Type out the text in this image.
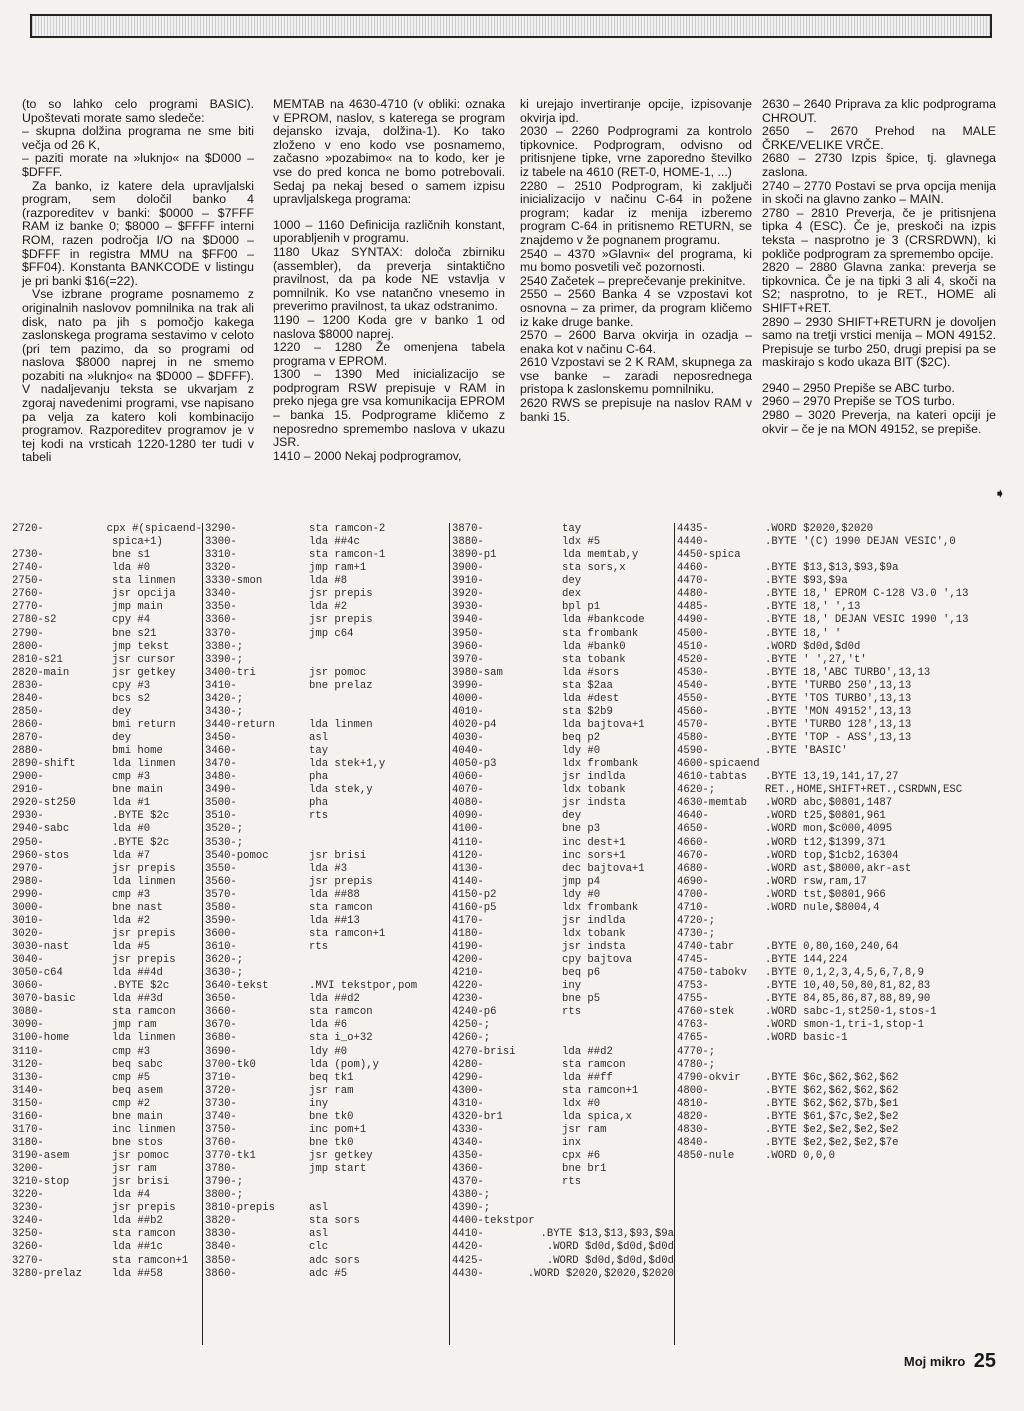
(to so lahko celo programi BASIC). Upoštevati morate samo sledeče:

– skupna dolžina programa ne sme biti večja od 26 K,

– paziti morate na »luknjo« na $D000 – $DFFF.

Za banko, iz katere dela upravljalski program, sem določil banko 4 (razporeditev v banki: $0000 – $7FFF RAM iz banke 0; $8000 – $FFFF interni ROM, razen področja I/O na $D000 – $DFFF in registra MMU na $FF00 – $FF04). Konstanta BANKCODE v listingu je pri banki $16(=22).

Vse izbrane programe posnamemo z originalnih naslovov pomnilnika na trak ali disk, nato pa jih s pomočjo kakega zaslonskega programa sestavimo v celoto (pri tem pazimo, da so programi od naslova $8000 naprej in ne smemo pozabiti na »luknjo« na $D000 – $DFFF). V nadaljevanju teksta se ukvarjam z zgoraj navedenimi programi, vse napisano pa velja za katero koli kombinacijo programov. Razporeditev programov je v tej kodi na vrsticah 1220-1280 ter tudi v tabeli

MEMTAB na 4630-4710 (v obliki: oznaka v EPROM, naslov, s katerega se program dejansko izvaja, dolžina-1). Ko tako zloženo v eno kodo vse posnamemo, začasno »pozabimo« na to kodo, ker je vse do pred konca ne bomo potrebovali. Sedaj pa nekaj besed o samem izpisu upravljalskega programa:

1000 – 1160 Definicija različnih konstant, uporabljenih v programu.

1180 Ukaz SYNTAX: določa zbirniku (assembler), da preverja sintaktično pravilnost, da pa kode NE vstavlja v pomnilnik. Ko vse natančno vnesemo in preverimo pravilnost, ta ukaz odstranimo.

1190 – 1200 Koda gre v banko 1 od naslova $8000 naprej.

1220 – 1280 Že omenjena tabela programa v EPROM.

1300 – 1390 Med inicializacijo se podprogram RSW prepisuje v RAM in preko njega gre vsa komunikacija EPROM – banka 15. Podprograme kličemo z neposredno spremembo naslova v ukazu JSR.

1410 – 2000 Nekaj podprogramov,

ki urejajo invertiranje opcije, izpisovanje okvirja ipd.

2030 – 2260 Podprogrami za kontrolo tipkovnice. Podprogram, odvisno od pritisnjene tipke, vrne zaporedno številko iz tabele na 4610 (RET-0, HOME-1, ...)

2280 – 2510 Podprogram, ki zaključi inicializacijo v načinu C-64 in požene program; kadar iz menija izberemo program C-64 in pritisnemo RETURN, se znajdemo v že pognanem programu.

2540 – 4370 »Glavni« del programa, ki mu bomo posvetili več pozornosti.

2540 Začetek – preprečevanje prekinitve.

2550 – 2560 Banka 4 se vzpostavi kot osnovna – za primer, da program kličemo iz kake druge banke.

2570 – 2600 Barva okvirja in ozadja – enaka kot v načinu C-64.

2610 Vzpostavi se 2 K RAM, skupnega za vse banke – zaradi neposrednega pristopa k zaslonskemu pomnilniku.

2620 RWS se prepisuje na naslov RAM v banki 15.

2630 – 2640 Priprava za klic podprograma CHROUT.

2650 – 2670 Prehod na MALE ČRKE/VELIKE VRČE.

2680 – 2730 Izpis špice, tj. glavnega zaslona.

2740 – 2770 Postavi se prva opcija menija in skoči na glavno zanko – MAIN.

2780 – 2810 Preverja, če je pritisnjena tipka 4 (ESC). Če je, preskoči na izpis teksta – nasprotno je 3 (CRSRDWN), ki pokliče podprogram za spremembo opcije.

2820 – 2880 Glavna zanka: preverja se tipkovnica. Če je na tipki 3 ali 4, skoči na S2; nasprotno, to je RET., HOME ali SHIFT+RET.

2890 – 2930 SHIFT+RETURN je dovoljen samo na tretji vrstici menija – MON 49152. Prepisuje se turbo 250, drugi prepisi pa se maskirajo s kodo ukaza BIT ($2C).

2940 – 2950 Prepiše se ABC turbo.

2960 – 2970 Prepiše se TOS turbo.

2980 – 3020 Preverja, na kateri opciji je okvir – če je na MON 49152, se prepiše.

➧
2720-	cpx #(spicaend-
spica+1)
2730-	bne s1
2740-	lda #0
2750-	sta linmen
2760-	jsr opcija
2770-	jmp main
2780-s2	cpy #4
2790-	bne s21
2800-	jmp tekst
2810-s21	jsr cursor
2820-main	jsr getkey
2830-	cpy #3
2840-	bcs s2
2850-	dey
2860-	bmi return
2870-	dey
2880-	bmi home
2890-shift	lda linmen
2900-	cmp #3
2910-	bne main
2920-st250	lda #1
2930-	.BYTE $2c
2940-sabc	lda #0
2950-	.BYTE $2c
2960-stos	lda #7
2970-	jsr prepis
2980-	lda linmen
2990-	cmp #3
3000-	bne nast
3010-	lda #2
3020-	jsr prepis
3030-nast	lda #5
3040-	jsr prepis
3050-c64	lda ##4d
3060-	.BYTE $2c
3070-basic	lda ##3d
3080-	sta ramcon
3090-	jmp ram
3100-home	lda linmen
3110-	cmp #3
3120-	beq sabc
3130-	cmp #5
3140-	beq asem
3150-	cmp #2
3160-	bne main
3170-	inc linmen
3180-	bne stos
3190-asem	jsr pomoc
3200-	jsr ram
3210-stop	jsr brisi
3220-	lda #4
3230-	jsr prepis
3240-	lda ##b2
3250-	sta ramcon
3260-	lda ##1c
3270-	sta ramcon+1
3280-prelaz	lda ##58
3290-	sta ramcon-2
3300-	lda ##4c
3310-	sta ramcon-1
3320-	jmp ram+1
3330-smon	lda #8
3340-	jsr prepis
3350-	lda #2
3360-	jsr prepis
3370-	jmp c64
3380-;
3390-;
3400-tri	jsr pomoc
3410-	bne prelaz
3420-;
3430-;
3440-return	lda linmen
3450-	asl
3460-	tay
3470-	lda stek+1,y
3480-	pha
3490-	lda stek,y
3500-	pha
3510-	rts
3520-;
3530-;
3540-pomoc	jsr brisi
3550-	lda #3
3560-	jsr prepis
3570-	lda ##88
3580-	sta ramcon
3590-	lda ##13
3600-	sta ramcon+1
3610-	rts
3620-;
3630-;
3640-tekst	.MVI tekstpor,pom
3650-	lda ##d2
3660-	sta ramcon
3670-	lda #6
3680-	sta i_o+32
3690-	ldy #0
3700-tk0	lda (pom),y
3710-	beq tk1
3720-	jsr ram
3730-	iny
3740-	bne tk0
3750-	inc pom+1
3760-	bne tk0
3770-tk1	jsr getkey
3780-	jmp start
3790-;
3800-;
3810-prepis	asl
3820-	sta sors
3830-	asl
3840-	clc
3850-	adc sors
3860-	adc #5
3870-	tay
3880-	ldx #5
3890-p1	lda memtab,y
3900-	sta sors,x
3910-	dey
3920-	dex
3930-	bpl p1
3940-	lda #bankcode
3950-	sta frombank
3960-	lda #bank0
3970-	sta tobank
3980-sam	lda #sors
3990-	sta $2aa
4000-	lda #dest
4010-	sta $2b9
4020-p4	lda bajtova+1
4030-	beq p2
4040-	ldy #0
4050-p3	ldx frombank
4060-	jsr indlda
4070-	ldx tobank
4080-	jsr indsta
4090-	dey
4100-	bne p3
4110-	inc dest+1
4120-	inc sors+1
4130-	dec bajtova+1
4140-	jmp p4
4150-p2	ldy #0
4160-p5	ldx frombank
4170-	jsr indlda
4180-	ldx tobank
4190-	jsr indsta
4200-	cpy bajtova
4210-	beq p6
4220-	iny
4230-	bne p5
4240-p6	rts
4250-;
4260-;
4270-brisi	lda ##d2
4280-	sta ramcon
4290-	lda ##ff
4300-	sta ramcon+1
4310-	ldx #0
4320-br1	lda spica,x
4330-	jsr ram
4340-	inx
4350-	cpx #6
4360-	bne br1
4370-	rts
4380-;
4390-;
4400-tekstpor
4410-	.BYTE $13,$13,$93,$9a
4420-	.WORD $d0d,$d0d,$d0d
4425-	.WORD $d0d,$d0d,$d0d
4430-	.WORD $2020,$2020,$2020
4435-	.WORD $2020,$2020
4440-	.BYTE '(C) 1990 DEJAN VESIC',0
4450-spica
4460-	.BYTE $13,$13,$93,$9a
4470-	.BYTE $93,$9a
4480-	.BYTE 18,' EPROM C-128 V3.0 ',13
4485-	.BYTE 18,' ',13
4490-	.BYTE 18,' DEJAN VESIC 1990 ',13
4500-	.BYTE 18,' '
4510-	.WORD $d0d,$d0d
4520-	.BYTE ' ',27,'t'
4530-	.BYTE 18,'ABC TURBO',13,13
4540-	.BYTE 'TURBO 250',13,13
4550-	.BYTE 'TOS TURBO',13,13
4560-	.BYTE 'MON 49152',13,13
4570-	.BYTE 'TURBO 128',13,13
4580-	.BYTE 'TOP - ASS',13,13
4590-	.BYTE 'BASIC'
4600-spicaend
4610-tabtas	.BYTE 13,19,141,17,27
4620-;	RET.,HOME,SHIFT+RET.,CSRDWN,ESC
4630-memtab	.WORD abc,$0801,1487
4640-	.WORD t25,$0801,961
4650-	.WORD mon,$c000,4095
4660-	.WORD t12,$1399,371
4670-	.WORD top,$1cb2,16304
4680-	.WORD ast,$8000,akr-ast
4690-	.WORD rsw,ram,17
4700-	.WORD tst,$0801,966
4710-	.WORD nule,$8004,4
4720-;
4730-;
4740-tabr	.BYTE 0,80,160,240,64
4745-	.BYTE 144,224
4750-tabokv	.BYTE 0,1,2,3,4,5,6,7,8,9
4753-	.BYTE 10,40,50,80,81,82,83
4755-	.BYTE 84,85,86,87,88,89,90
4760-stek	.WORD sabc-1,st250-1,stos-1
4763-	.WORD smon-1,tri-1,stop-1
4765-	.WORD basic-1
4770-;
4780-;
4790-okvir	.BYTE $6c,$62,$62,$62
4800-	.BYTE $62,$62,$62,$62
4810-	.BYTE $62,$62,$7b,$e1
4820-	.BYTE $61,$7c,$e2,$e2
4830-	.BYTE $e2,$e2,$e2,$e2
4840-	.BYTE $e2,$e2,$e2,$7e
4850-nule	.WORD 0,0,0
Moj mikro 25
